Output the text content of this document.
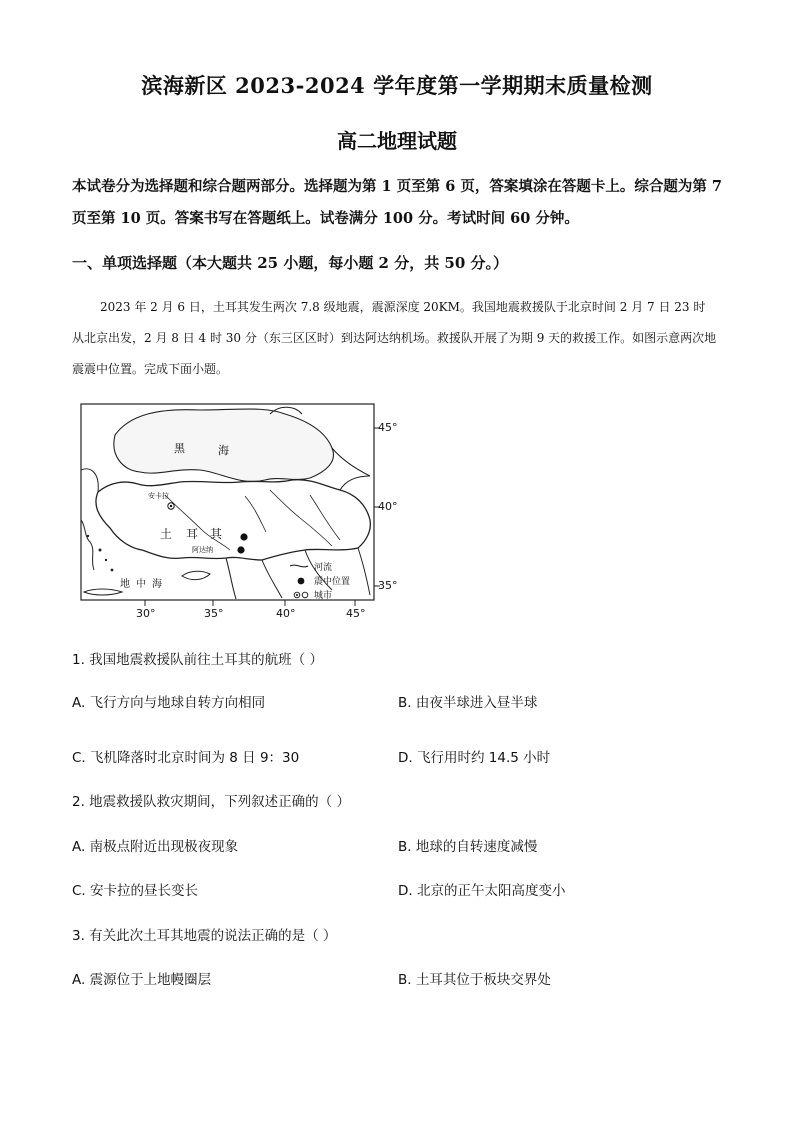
滨海新区 2023-2024 学年度第一学期期末质量检测
高二地理试题
本试卷分为选择题和综合题两部分。选择题为第 1 页至第 6 页，答案填涂在答题卡上。综合题为第 7 页至第 10 页。答案书写在答题纸上。试卷满分 100 分。考试时间 60 分钟。
一、单项选择题（本大题共 25 小题，每小题 2 分，共 50 分。）
2023 年 2 月 6 日，土耳其发生两次 7.8 级地震，震源深度 20KM。我国地震救援队于北京时间 2 月 7 日 23 时从北京出发，2 月 8 日 4 时 30 分（东三区区时）到达阿达纳机场。救援队开展了为期 9 天的救援工作。如图示意两次地震震中位置。完成下面小题。
黑	海
土 耳 其
地 中 海
安卡拉
阿达纳
45°
40°
35°
30°	35°	40°	45°
河流
震中位置
城市
1. 我国地震救援队前往土耳其的航班（ ）
A. 飞行方向与地球自转方向相同	B. 由夜半球进入昼半球
C. 飞机降落时北京时间为 8 日 9：30	D. 飞行用时约 14.5 小时
2. 地震救援队救灾期间，下列叙述正确的（ ）
A. 南极点附近出现极夜现象	B. 地球的自转速度减慢
C. 安卡拉的昼长变长	D. 北京的正午太阳高度变小
3. 有关此次土耳其地震的说法正确的是（ ）
A. 震源位于上地幔圈层	B. 土耳其位于板块交界处
